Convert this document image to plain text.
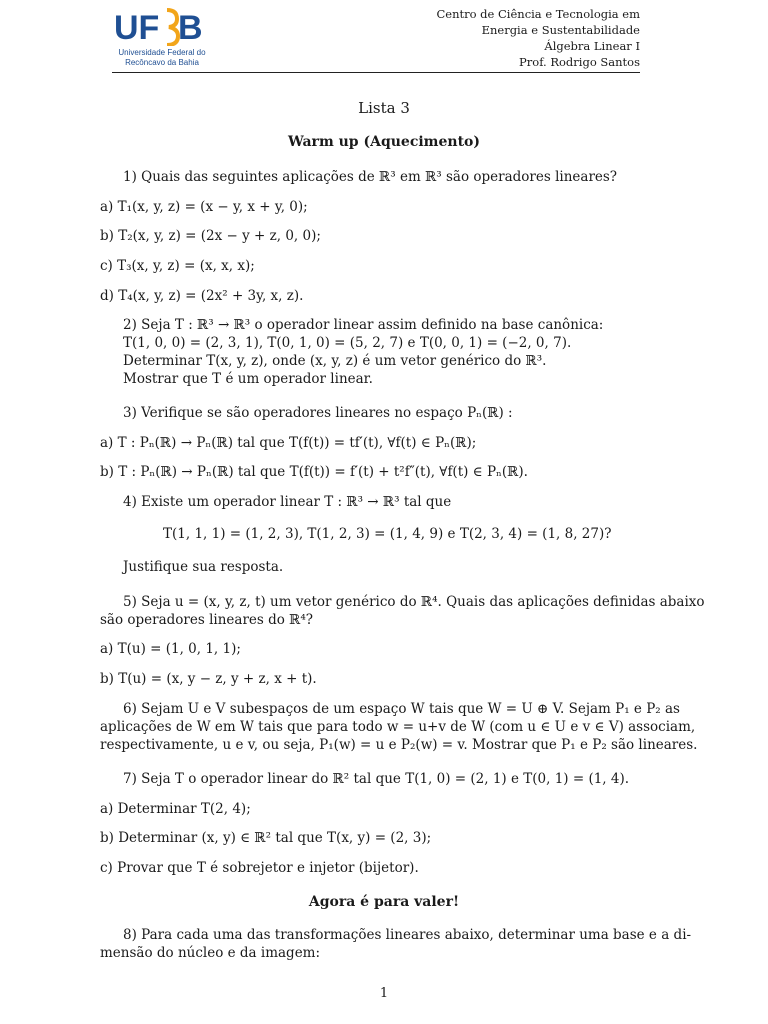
UF B
Universidade Federal do
Recôncavo da Bahia
Centro de Ciência e Tecnologia em
Energia e Sustentabilidade
Álgebra Linear I
Prof. Rodrigo Santos
Lista 3
Warm up (Aquecimento)
1) Quais das seguintes aplicações de ℝ³ em ℝ³ são operadores lineares?
a) T₁(x, y, z) = (x − y, x + y, 0);
b) T₂(x, y, z) = (2x − y + z, 0, 0);
c) T₃(x, y, z) = (x, x, x);
d) T₄(x, y, z) = (2x² + 3y, x, z).
2) Seja T : ℝ³ → ℝ³ o operador linear assim definido na base canônica:
T(1, 0, 0) = (2, 3, 1), T(0, 1, 0) = (5, 2, 7) e T(0, 0, 1) = (−2, 0, 7).
Determinar T(x, y, z), onde (x, y, z) é um vetor genérico do ℝ³.
Mostrar que T é um operador linear.
3) Verifique se são operadores lineares no espaço Pₙ(ℝ) :
a) T : Pₙ(ℝ) → Pₙ(ℝ) tal que T(f(t)) = tf′(t), ∀f(t) ∈ Pₙ(ℝ);
b) T : Pₙ(ℝ) → Pₙ(ℝ) tal que T(f(t)) = f′(t) + t²f″(t), ∀f(t) ∈ Pₙ(ℝ).
4) Existe um operador linear T : ℝ³ → ℝ³ tal que
T(1, 1, 1) = (1, 2, 3), T(1, 2, 3) = (1, 4, 9) e T(2, 3, 4) = (1, 8, 27)?
Justifique sua resposta.
5) Seja u = (x, y, z, t) um vetor genérico do ℝ⁴. Quais das aplicações definidas abaixo
são operadores lineares do ℝ⁴?
a) T(u) = (1, 0, 1, 1);
b) T(u) = (x, y − z, y + z, x + t).
6) Sejam U e V subespaços de um espaço W tais que W = U ⊕ V. Sejam P₁ e P₂ as
aplicações de W em W tais que para todo w = u+v de W (com u ∈ U e v ∈ V) associam,
respectivamente, u e v, ou seja, P₁(w) = u e P₂(w) = v. Mostrar que P₁ e P₂ são lineares.
7) Seja T o operador linear do ℝ² tal que T(1, 0) = (2, 1) e T(0, 1) = (1, 4).
a) Determinar T(2, 4);
b) Determinar (x, y) ∈ ℝ² tal que T(x, y) = (2, 3);
c) Provar que T é sobrejetor e injetor (bijetor).
Agora é para valer!
8) Para cada uma das transformações lineares abaixo, determinar uma base e a di-
mensão do núcleo e da imagem:
1
